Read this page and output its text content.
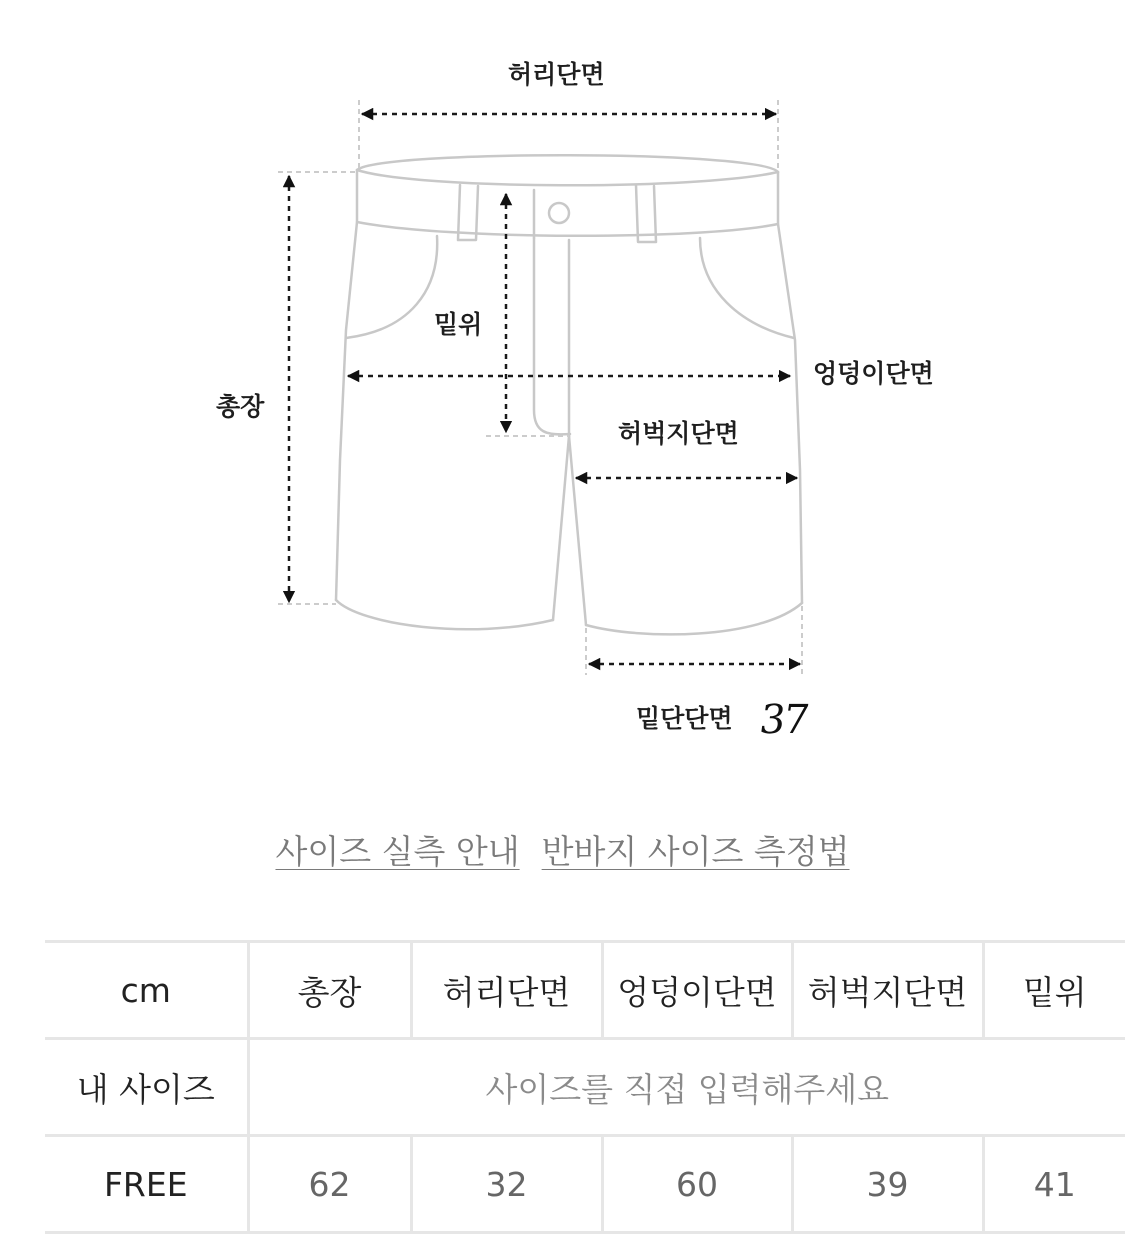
허리단면
밑위
총장
엉덩이단면
허벅지단면
밑단단면 37
사이즈 실측 안내 반바지 사이즈 측정법
cm	총장	허리단면	엉덩이단면	허벅지단면	밑위
내 사이즈	사이즈를 직접 입력해주세요				
FREE	62	32	60	39	41
